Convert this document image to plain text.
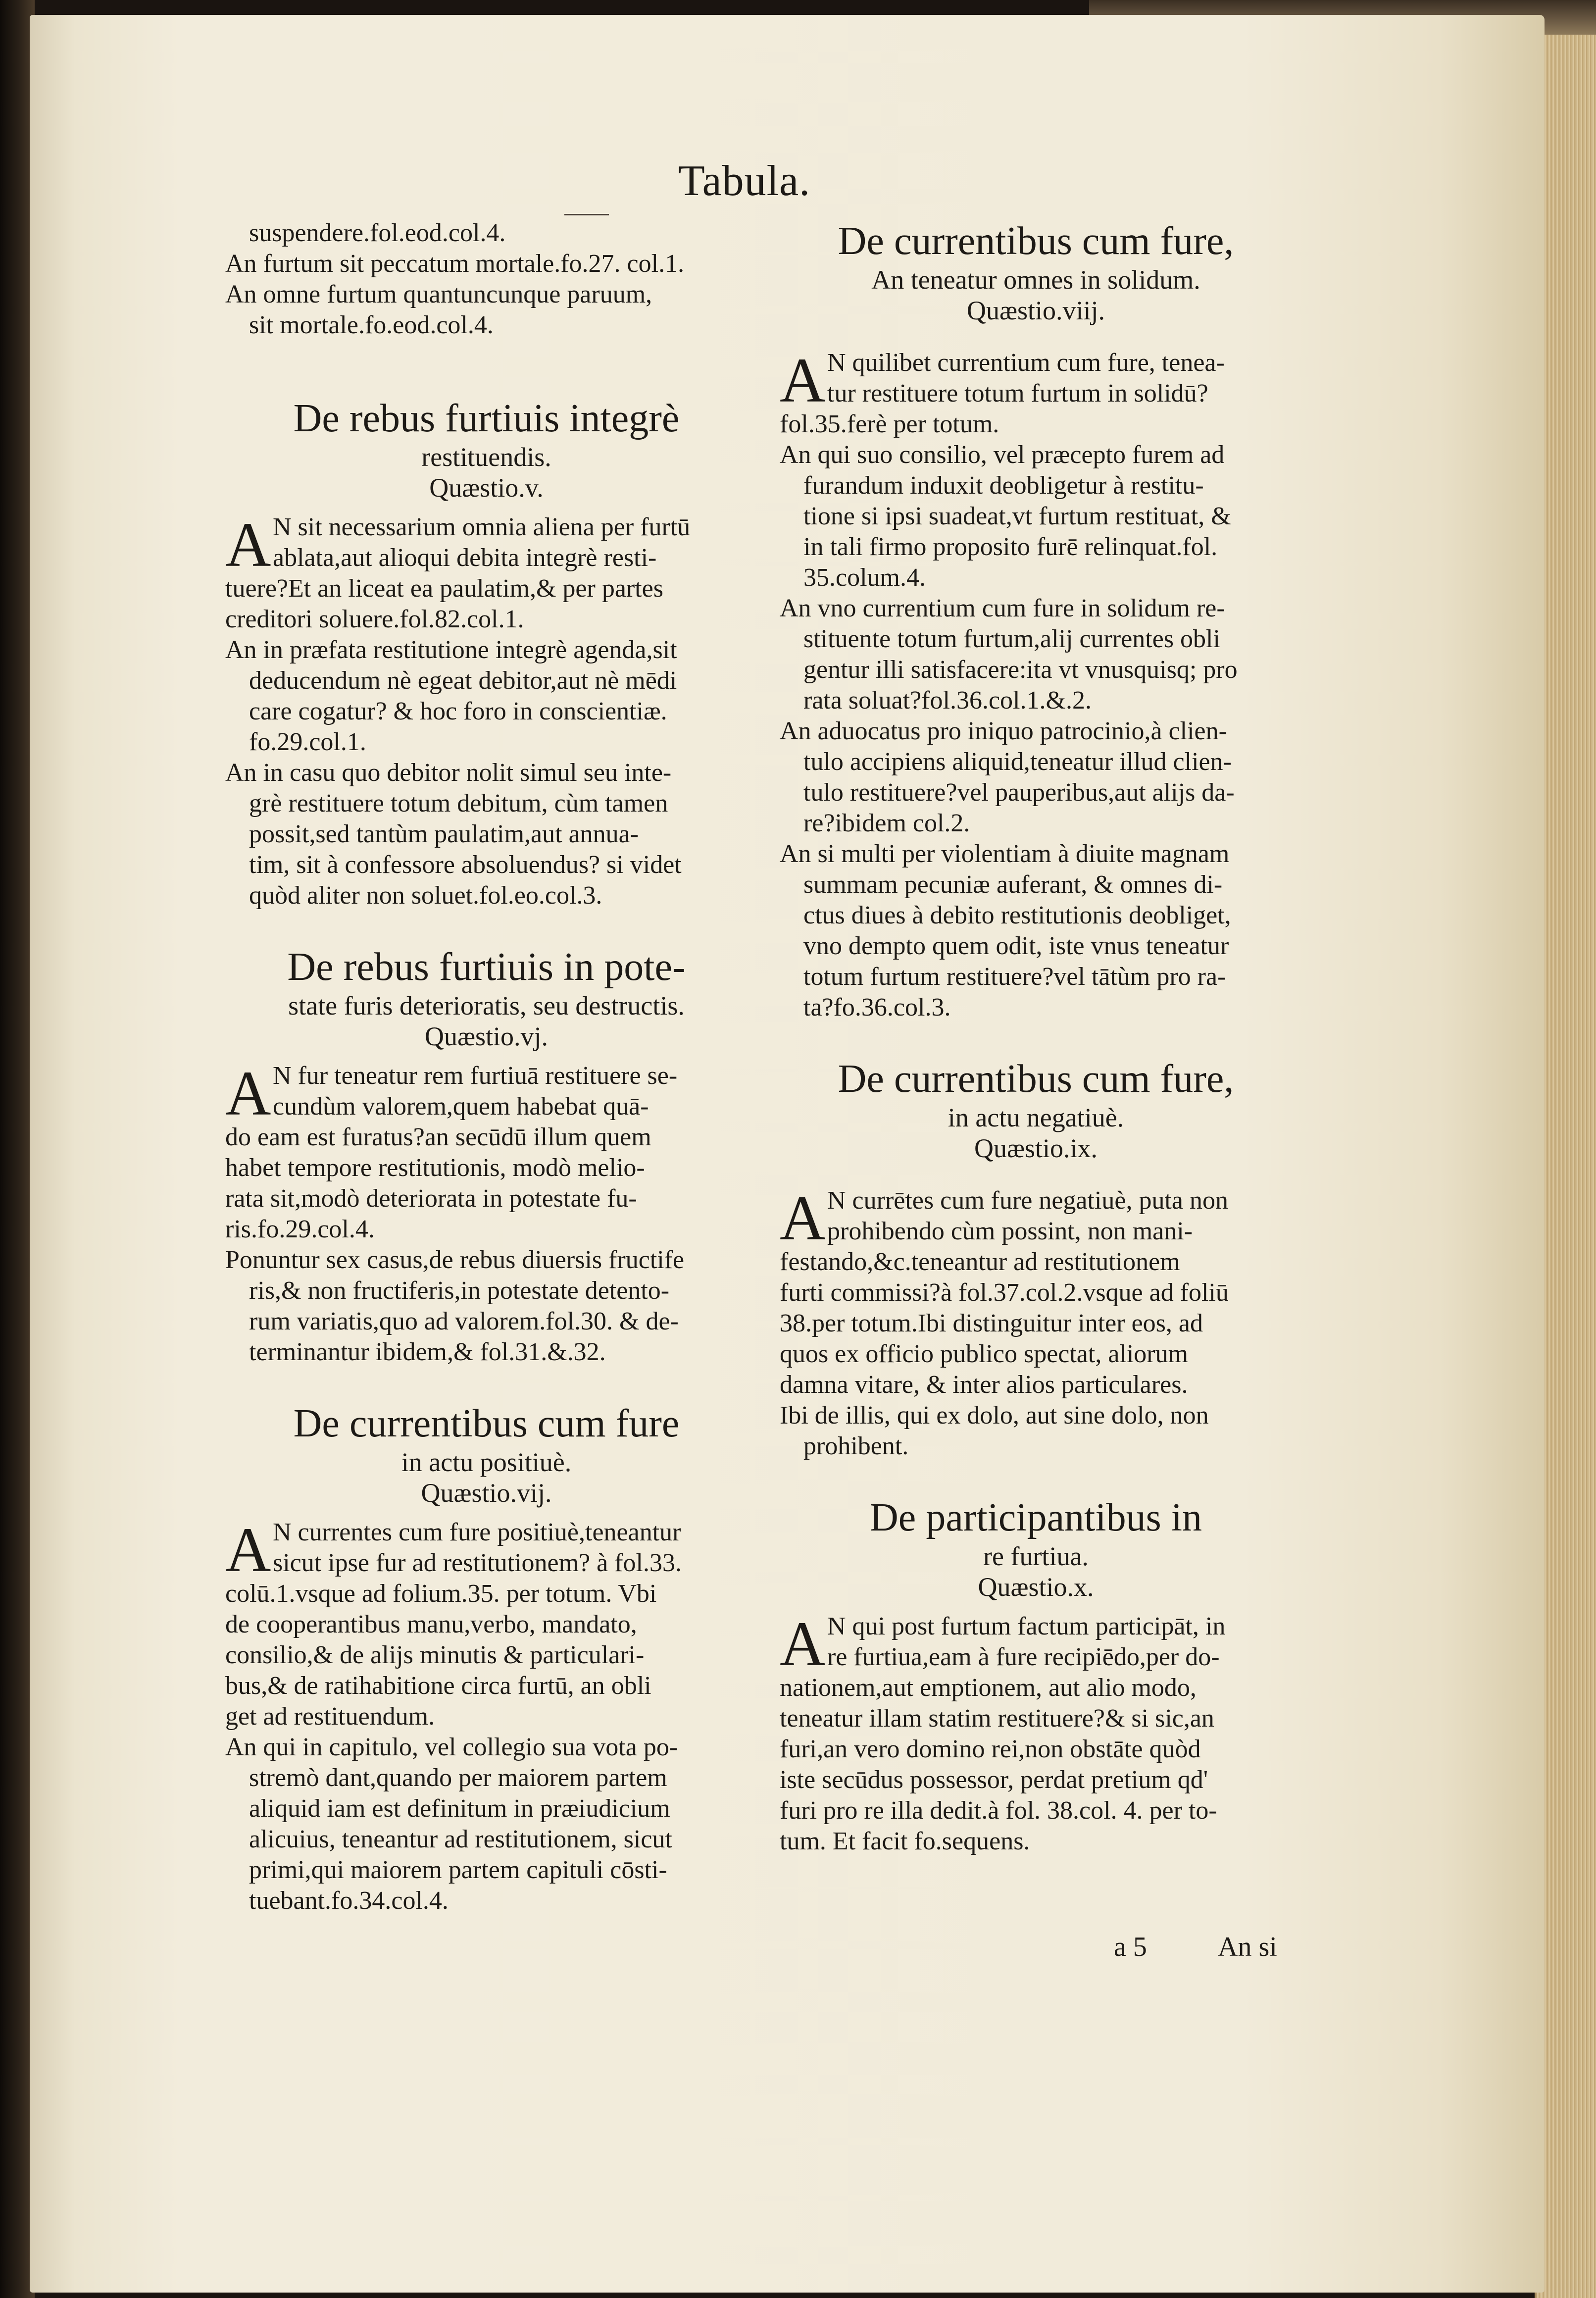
Tabula.
suspendere.fol.eod.col.4.
An furtum sit peccatum mortale.fo.27. col.1.
An omne furtum quantuncunque paruum,
sit mortale.fo.eod.col.4.
De rebus furtiuis integrè
restituendis.
Quæstio.v.
A N sit necessarium omnia aliena per furtū
ablata,aut alioqui debita integrè resti-
tuere?Et an liceat ea paulatim,& per partes
creditori soluere.fol.82.col.1.
An in præfata restitutione integrè agenda,sit
deducendum nè egeat debitor,aut nè mēdi
care cogatur? & hoc foro in conscientiæ.
fo.29.col.1.
An in casu quo debitor nolit simul seu inte-
grè restituere totum debitum, cùm tamen
possit,sed tantùm paulatim,aut annua-
tim, sit à confessore absoluendus? si videt
quòd aliter non soluet.fol.eo.col.3.
De rebus furtiuis in pote-
state furis deterioratis, seu destructis.
Quæstio.vj.
A N fur teneatur rem furtiuā restituere se-
cundùm valorem,quem habebat quā-
do eam est furatus?an secūdū illum quem
habet tempore restitutionis, modò melio-
rata sit,modò deteriorata in potestate fu-
ris.fo.29.col.4.
Ponuntur sex casus,de rebus diuersis fructife
ris,& non fructiferis,in potestate detento-
rum variatis,quo ad valorem.fol.30. & de-
terminantur ibidem,& fol.31.&.32.
De currentibus cum fure
in actu positiuè.
Quæstio.vij.
A N currentes cum fure positiuè,teneantur
sicut ipse fur ad restitutionem? à fol.33.
colū.1.vsque ad folium.35. per totum. Vbi
de cooperantibus manu,verbo, mandato,
consilio,& de alijs minutis & particulari-
bus,& de ratihabitione circa furtū, an obli
get ad restituendum.
An qui in capitulo, vel collegio sua vota po-
stremò dant,quando per maiorem partem
aliquid iam est definitum in præiudicium
alicuius, teneantur ad restitutionem, sicut
primi,qui maiorem partem capituli cōsti-
tuebant.fo.34.col.4.
De currentibus cum fure,
An teneatur omnes in solidum.
Quæstio.viij.
A N quilibet currentium cum fure, tenea-
tur restituere totum furtum in solidū?
fol.35.ferè per totum.
An qui suo consilio, vel præcepto furem ad
furandum induxit deobligetur à restitu-
tione si ipsi suadeat,vt furtum restituat, &
in tali firmo proposito furē relinquat.fol.
35.colum.4.
An vno currentium cum fure in solidum re-
stituente totum furtum,alij currentes obli
gentur illi satisfacere:ita vt vnusquisq; pro
rata soluat?fol.36.col.1.&.2.
An aduocatus pro iniquo patrocinio,à clien-
tulo accipiens aliquid,teneatur illud clien-
tulo restituere?vel pauperibus,aut alijs da-
re?ibidem col.2.
An si multi per violentiam à diuite magnam
summam pecuniæ auferant, & omnes di-
ctus diues à debito restitutionis deobliget,
vno dempto quem odit, iste vnus teneatur
totum furtum restituere?vel tātùm pro ra-
ta?fo.36.col.3.
De currentibus cum fure,
in actu negatiuè.
Quæstio.ix.
A N currētes cum fure negatiuè, puta non
prohibendo cùm possint, non mani-
festando,&c.teneantur ad restitutionem
furti commissi?à fol.37.col.2.vsque ad foliū
38.per totum.Ibi distinguitur inter eos, ad
quos ex officio publico spectat, aliorum
damna vitare, & inter alios particulares.
Ibi de illis, qui ex dolo, aut sine dolo, non
prohibent.
De participantibus in
re furtiua.
Quæstio.x.
A N qui post furtum factum participāt, in
re furtiua,eam à fure recipiēdo,per do-
nationem,aut emptionem, aut alio modo,
teneatur illam statim restituere?& si sic,an
furi,an vero domino rei,non obstāte quòd
iste secūdus possessor, perdat pretium qd'
furi pro re illa dedit.à fol. 38.col. 4. per to-
tum. Et facit fo.sequens.
a 5	An si
